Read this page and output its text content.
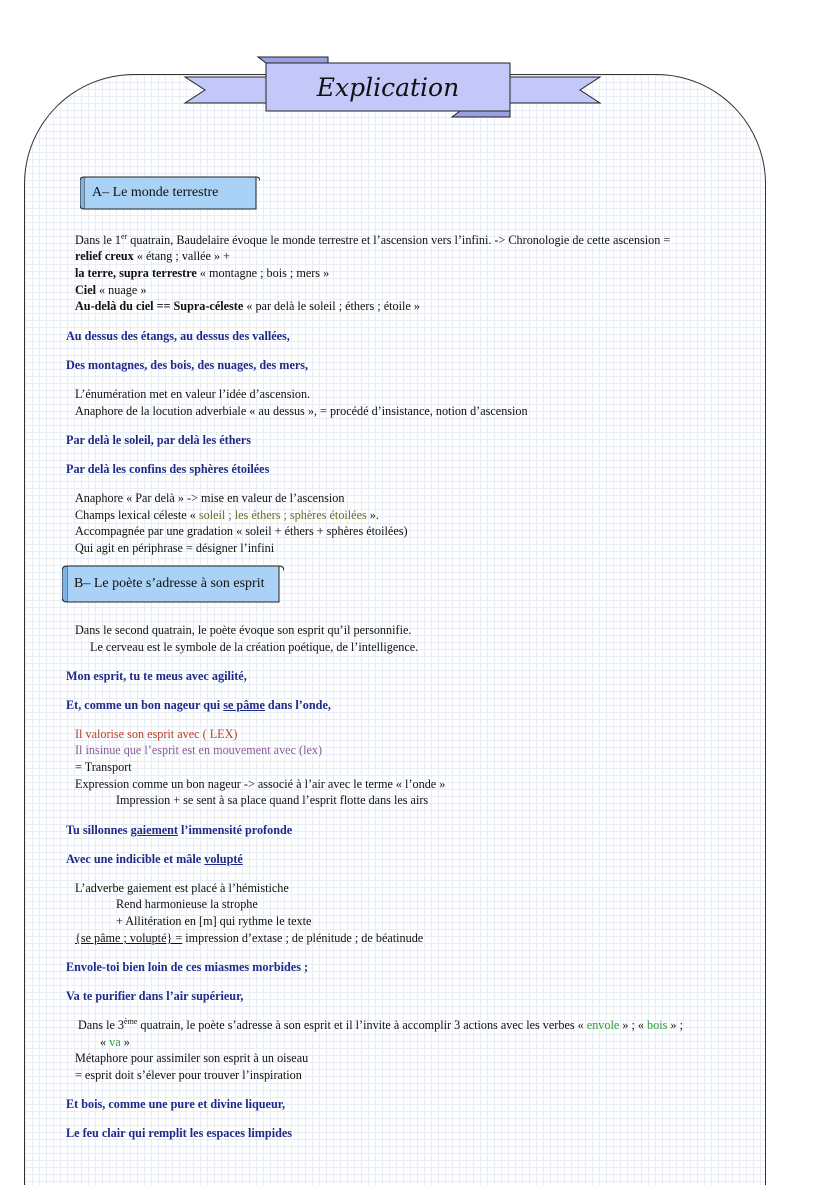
Explication
A– Le monde terrestre
B– Le poète s’adresse à son esprit
Dans le 1er quatrain, Baudelaire évoque le monde terrestre et l’ascension vers l’infini. -> Chronologie de cette ascension =
relief creux « étang ; vallée » +
la terre, supra terrestre « montagne ; bois ; mers »
Ciel « nuage »
Au-delà du ciel == Supra-céleste « par delà le soleil ; éthers ; étoile »
Au dessus des étangs, au dessus des vallées,
Des montagnes, des bois, des nuages, des mers,
L’énumération met en valeur l’idée d’ascension.
Anaphore de la locution adverbiale « au dessus », = procédé d’insistance, notion d’ascension
Par delà le soleil, par delà les éthers
Par delà les confins des sphères étoilées
Anaphore « Par delà » -> mise en valeur de l’ascension
Champs lexical céleste « soleil ; les éthers ; sphères étoilées ».
Accompagnée par une gradation « soleil + éthers + sphères étoilées)
Qui agit en périphrase = désigner l’infini
Dans le second quatrain, le poète évoque son esprit qu’il personnifie.
Le cerveau est le symbole de la création poétique, de l’intelligence.
Mon esprit, tu te meus avec agilité,
Et, comme un bon nageur qui se pâme dans l’onde,
Il valorise son esprit avec ( LEX)
Il insinue que l’esprit est en mouvement avec (lex)
= Transport
Expression comme un bon nageur -> associé à l’air avec le terme « l’onde »
Impression + se sent à sa place quand l’esprit flotte dans les airs
Tu sillonnes gaiement l’immensité profonde
Avec une indicible et mâle volupté
L’adverbe gaiement est placé à l’hémistiche
Rend harmonieuse la strophe
+ Allitération en [m] qui rythme le texte
{se pâme ; volupté} = impression d’extase ; de plénitude ; de béatinude
Envole-toi bien loin de ces miasmes morbides ;
Va te purifier dans l’air supérieur,
Dans le 3ème quatrain, le poète s’adresse à son esprit et il l’invite à accomplir 3 actions avec les verbes « envole » ; « bois » ;
« va »
Métaphore pour assimiler son esprit à un oiseau
= esprit doit s’élever pour trouver l’inspiration
Et bois, comme une pure et divine liqueur,
Le feu clair qui remplit les espaces limpides
